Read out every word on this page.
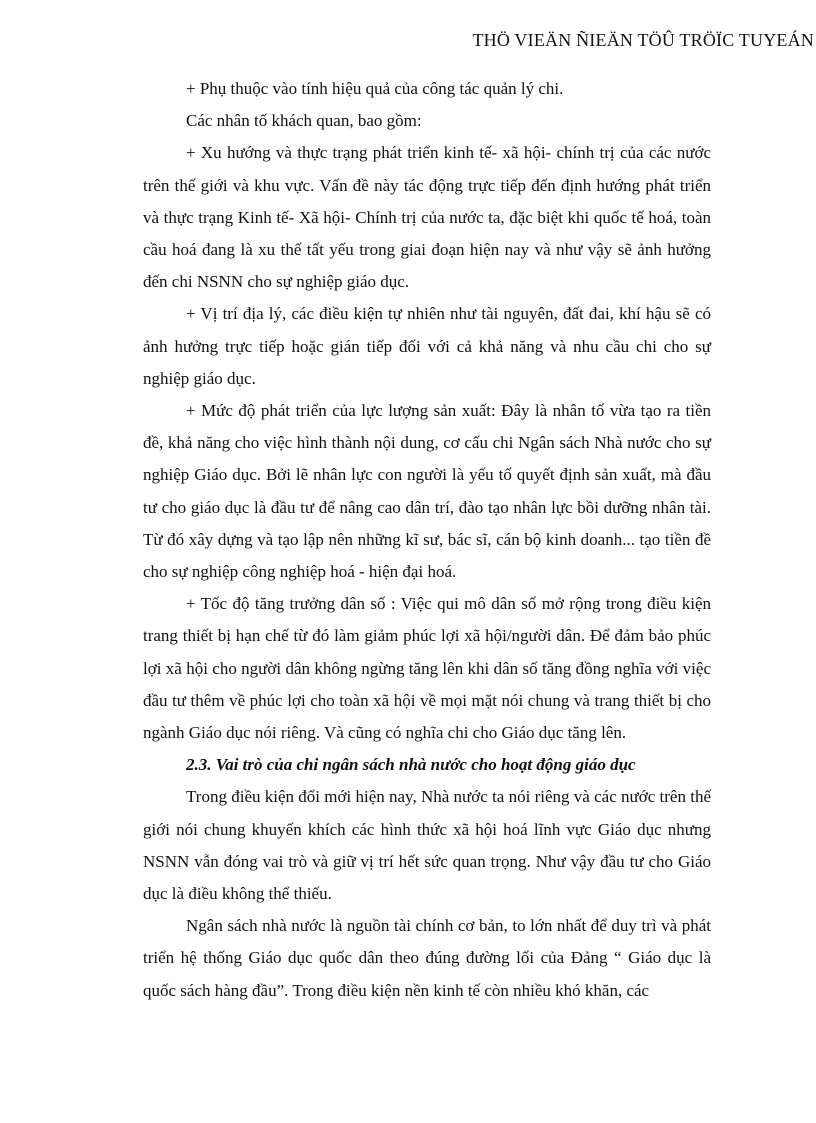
THÖ VIEÄN ÑIEÄN TÖÛ TRÖÏC TUYEÁN

+ Phụ thuộc vào tính hiệu quả của công tác quản lý chi.

Các nhân tố khách quan, bao gồm:

+ Xu hướng và thực trạng phát triển kinh tế- xã hội- chính trị của các nước trên thế giới và khu vực. Vấn đề này tác động trực tiếp đến định hướng phát triển và thực trạng Kinh tế- Xã hội- Chính trị của nước ta, đặc biệt khi quốc tế hoá, toàn cầu hoá đang là xu thế tất yếu trong giai đoạn hiện nay và như vậy sẽ ảnh hưởng đến chi NSNN cho sự nghiệp giáo dục.

+ Vị trí địa lý, các điều kiện tự nhiên như tài nguyên, đất đai, khí hậu sẽ có ảnh hưởng trực tiếp hoặc gián tiếp đối với cả khả năng và nhu cầu chi cho sự nghiệp giáo dục.

+ Mức độ phát triển của lực lượng sản xuất: Đây là nhân tố vừa tạo ra tiền đề, khả năng cho việc hình thành nội dung, cơ cấu chi Ngân sách Nhà nước cho sự nghiệp Giáo dục. Bởi lẽ nhân lực con người là yếu tố quyết định sản xuất, mà đầu tư cho giáo dục là đầu tư để nâng cao dân trí, đào tạo nhân lực bồi dưỡng nhân tài. Từ đó xây dựng và tạo lập nên những kĩ sư, bác sĩ, cán bộ kinh doanh... tạo tiền đề cho sự nghiệp công nghiệp hoá - hiện đại hoá.

+ Tốc độ tăng trưởng dân số : Việc qui mô dân số mở rộng trong điều kiện trang thiết bị hạn chế từ đó làm giảm phúc lợi xã hội/người dân. Để đảm bảo phúc lợi xã hội cho người dân không ngừng tăng lên khi dân số tăng đồng nghĩa với việc đầu tư thêm về phúc lợi cho toàn xã hội về mọi mặt nói chung và trang thiết bị cho ngành Giáo dục nói riêng. Và cũng có nghĩa chi cho Giáo dục tăng lên.

2.3. Vai trò của chi ngân sách nhà nước cho hoạt động giáo dục

Trong điều kiện đổi mới hiện nay, Nhà nước ta nói riêng và các nước trên thế giới nói chung khuyến khích các hình thức xã hội hoá lĩnh vực Giáo dục nhưng NSNN vẫn đóng vai trò và giữ vị trí hết sức quan trọng. Như vậy đầu tư cho Giáo dục là điều không thể thiếu.

Ngân sách nhà nước là nguồn tài chính cơ bản, to lớn nhất để duy trì và phát triển hệ thống Giáo dục quốc dân theo đúng đường lối của Đảng “ Giáo dục là quốc sách hàng đầu”. Trong điều kiện nền kinh tế còn nhiều khó khăn, các
